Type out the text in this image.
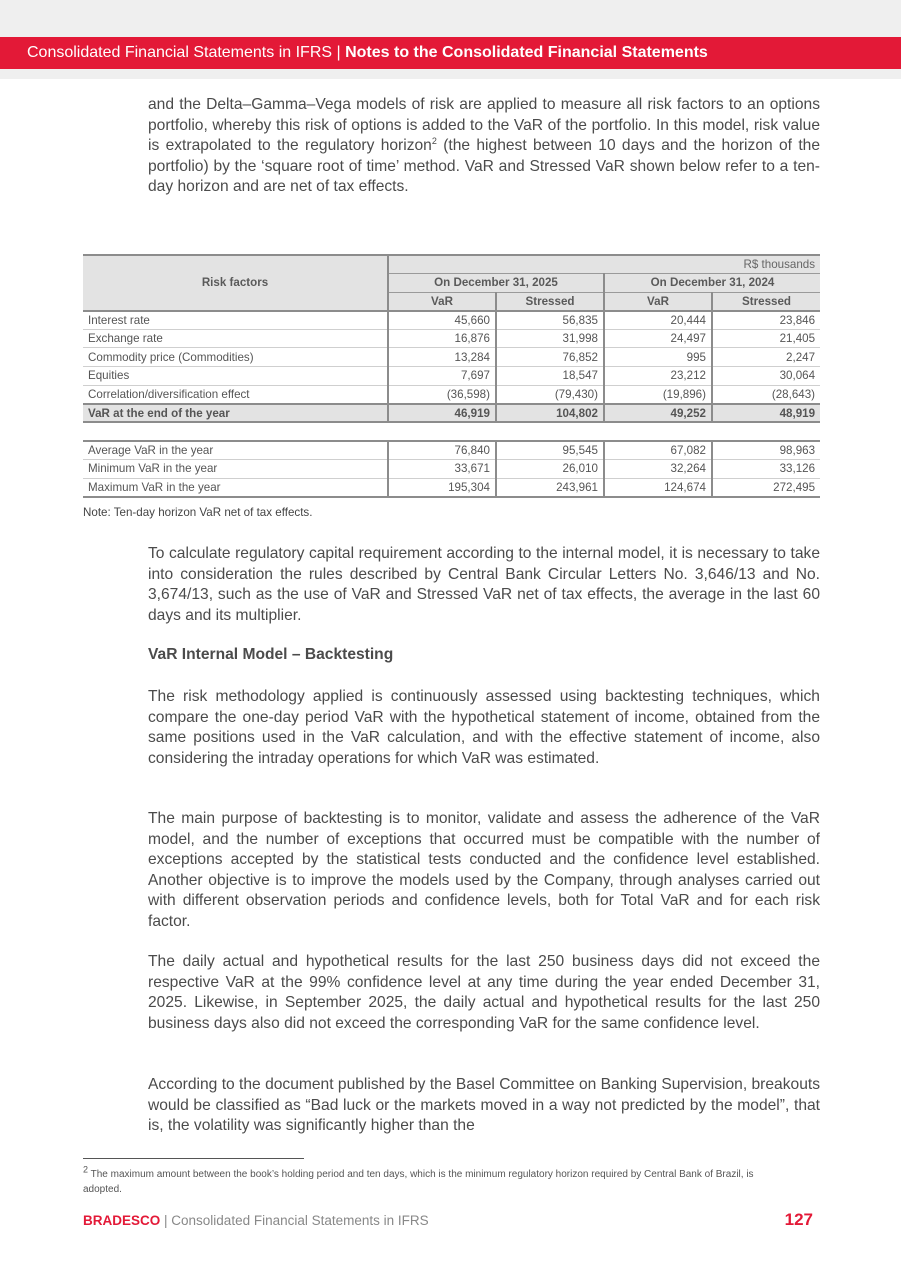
Consolidated Financial Statements in IFRS | Notes to the Consolidated Financial Statements
and the Delta–Gamma–Vega models of risk are applied to measure all risk factors to an options portfolio, whereby this risk of options is added to the VaR of the portfolio. In this model, risk value is extrapolated to the regulatory horizon$^2$ (the highest between 10 days and the horizon of the portfolio) by the ‘square root of time’ method. VaR and Stressed VaR shown below refer to a ten-day horizon and are net of tax effects.
Risk factors	R$ thousands			
	On December 31, 2025		On December 31, 2024	
	VaR	Stressed	VaR	Stressed
Interest rate	45,660	56,835	20,444	23,846
Exchange rate	16,876	31,998	24,497	21,405
Commodity price (Commodities)	13,284	76,852	995	2,247
Equities	7,697	18,547	23,212	30,064
Correlation/diversification effect	(36,598)	(79,430)	(19,896)	(28,643)
VaR at the end of the year	46,919	104,802	49,252	48,919

Average VaR in the year	76,840	95,545	67,082	98,963
Minimum VaR in the year	33,671	26,010	32,264	33,126
Maximum VaR in the year	195,304	243,961	124,674	272,495
Note: Ten-day horizon VaR net of tax effects.
To calculate regulatory capital requirement according to the internal model, it is necessary to take into consideration the rules described by Central Bank Circular Letters No. 3,646/13 and No. 3,674/13, such as the use of VaR and Stressed VaR net of tax effects, the average in the last 60 days and its multiplier.
VaR Internal Model – Backtesting
The risk methodology applied is continuously assessed using backtesting techniques, which compare the one-day period VaR with the hypothetical statement of income, obtained from the same positions used in the VaR calculation, and with the effective statement of income, also considering the intraday operations for which VaR was estimated.
The main purpose of backtesting is to monitor, validate and assess the adherence of the VaR model, and the number of exceptions that occurred must be compatible with the number of exceptions accepted by the statistical tests conducted and the confidence level established. Another objective is to improve the models used by the Company, through analyses carried out with different observation periods and confidence levels, both for Total VaR and for each risk factor.
The daily actual and hypothetical results for the last 250 business days did not exceed the respective VaR at the 99% confidence level at any time during the year ended December 31, 2025. Likewise, in September 2025, the daily actual and hypothetical results for the last 250 business days also did not exceed the corresponding VaR for the same confidence level.
According to the document published by the Basel Committee on Banking Supervision, breakouts would be classified as “Bad luck or the markets moved in a way not predicted by the model”, that is, the volatility was significantly higher than the
$^2$ The maximum amount between the book’s holding period and ten days, which is the minimum regulatory horizon required by Central Bank of Brazil, is adopted.
BRADESCO | Consolidated Financial Statements in IFRS	127
